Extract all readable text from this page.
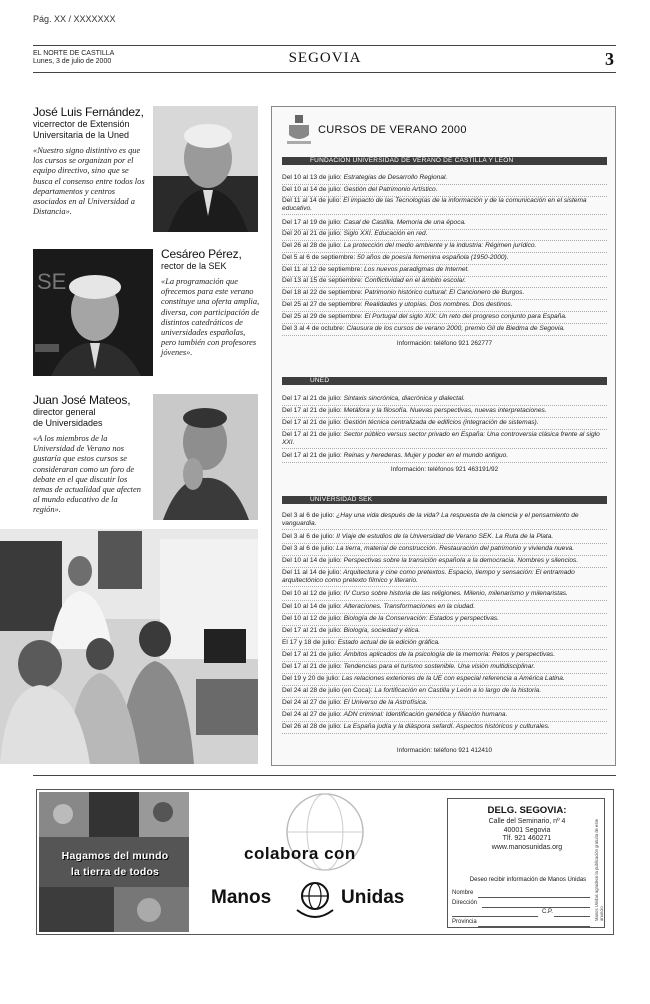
Pág. XX / XXXXXXX
EL NORTE DE CASTILLA
Lunes, 3 de julio de 2000	SEGOVIA	3
José Luis Fernández,
vicerrector de Extensión
Universitaria de la Uned
«Nuestro signo distintivo es que los cursos se organizan por el equipo directivo, sino que se busca el consenso entre todos los departamentos y centros asociados en al Universidad a Distancia».
SE
Cesáreo Pérez,
rector de la SEK
«La programación que ofrecemos para este verano constituye una oferta amplia, diversa, con participación de distintos catedráticos de universidades españolas, pero también con profesores jóvenes».
Juan José Mateos,
director general
de Universidades
«A los miembros de la Universidad de Verano nos gustaría que estos cursos se consideraran como un foro de debate en el que discutir los temas de actualidad que afecten al mundo educativo de la región».
CURSOS DE VERANO 2000
FUNDACIÓN UNIVERSIDAD DE VERANO DE CASTILLA Y LEÓN
Del 10 al 13 de julio: Estrategias de Desarrollo Regional.
Del 10 al 14 de julio: Gestión del Patrimonio Artístico.
Del 11 al 14 de julio: El impacto de las Tecnologías de la información y de la comunicación en el sistema educativo.
Del 17 al 19 de julio: Casal de Castilla. Memoria de una época.
Del 20 al 21 de julio: Siglo XXI. Educación en red.
Del 26 al 28 de julio: La protección del medio ambiente y la industria: Régimen jurídico.
Del 5 al 6 de septiembre: 50 años de poesía femenina española (1950-2000).
Del 11 al 12 de septiembre: Los nuevos paradigmas de Internet.
Del 13 al 15 de septiembre: Conflictividad en el ámbito escolar.
Del 18 al 22 de septiembre: Patrimonio histórico cultural: El Cancionero de Burgos.
Del 25 al 27 de septiembre: Realidades y utopías. Dos nombres. Dos destinos.
Del 25 al 29 de septiembre: El Portugal del siglo XIX: Un reto del progreso conjunto para España.
Del 3 al 4 de octubre: Clausura de los cursos de verano 2000, premio Gil de Biedma de Segovia.
Información: teléfono 921 262777
UNED
Del 17 al 21 de julio: Sintaxis sincrónica, diacrónica y dialectal.
Del 17 al 21 de julio: Metáfora y la filosofía. Nuevas perspectivas, nuevas interpretaciones.
Del 17 al 21 de julio: Gestión técnica centralizada de edificios (integración de sistemas).
Del 17 al 21 de julio: Sector público versus sector privado en España: Una controversia clásica frente al siglo XXI.
Del 17 al 21 de julio: Reinas y herederas. Mujer y poder en el mundo antiguo.
Información: teléfonos 921 463191/92
UNIVERSIDAD SEK
Del 3 al 6 de julio: ¿Hay una vida después de la vida? La respuesta de la ciencia y el pensamiento de vanguardia.
Del 3 al 6 de julio: II Viaje de estudios de la Universidad de Verano SEK. La Ruta de la Plata.
Del 3 al 6 de julio: La tierra, material de construcción. Restauración del patrimonio y vivienda nueva.
Del 10 al 14 de julio: Perspectivas sobre la transición española a la democracia. Nombres y silencios.
Del 11 al 14 de julio: Arquitectura y cine como pretextos. Espacio, tiempo y sensación: El entramado arquitectónico como pretexto fílmico y literario.
Del 10 al 12 de julio: IV Curso sobre historia de las religiones. Milenio, milenarismo y milenaristas.
Del 10 al 14 de julio: Alteraciones. Transformaciones en la ciudad.
Del 10 al 12 de julio: Biología de la Conservación: Estados y perspectivas.
Del 17 al 21 de julio: Biología, sociedad y ética.
El 17 y 18 de julio: Estado actual de la edición gráfica.
Del 17 al 21 de julio: Ámbitos aplicados de la psicología de la memoria: Retos y perspectivas.
Del 17 al 21 de julio: Tendencias para el turismo sostenible. Una visión multidisciplinar.
Del 19 y 20 de julio: Las relaciones exteriores de la UE con especial referencia a América Latina.
Del 24 al 28 de julio (en Coca): La fortificación en Castilla y León a lo largo de la historia.
Del 24 al 27 de julio: El Universo de la Astrofísica.
Del 24 al 27 de julio: ADN criminal: Identificación genética y filiación humana.
Del 26 al 28 de julio: La España judía y la diáspora sefardí. Aspectos históricos y culturales.
Información: teléfono 921 412410
Hagamos del mundo
la tierra de todos
colabora con
Manos	Unidas
DELG. SEGOVIA:
Calle del Seminario, nº 4
40001 Segovia
Tlf. 921 460271
www.manosunidas.org
Deseo recibir información de Manos Unidas
Nombre
Dirección
C.P.
Provincia
Manos Unidas agradece la publicación gratuita de este anuncio
